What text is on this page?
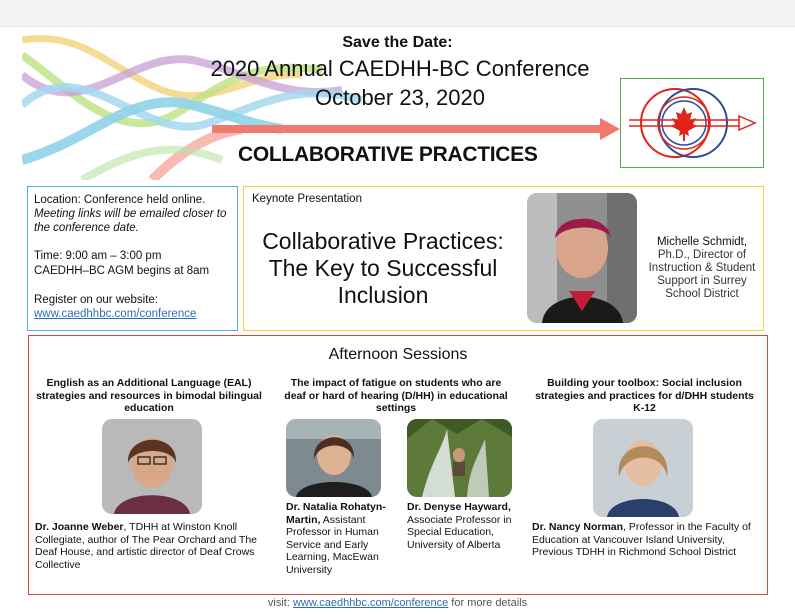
Save the Date:
2020 Annual CAEDHH-BC Conference
October 23, 2020
COLLABORATIVE PRACTICES
Location: Conference held online.
Meeting links will be emailed closer to the conference date.
Time: 9:00 am – 3:00 pm
CAEDHH–BC AGM begins at 8am
Register on our website:
www.caedhhbc.com/conference
Keynote Presentation
Collaborative Practices: The Key to Successful Inclusion
Michelle Schmidt,
Ph.D., Director of Instruction & Student Support in Surrey School District
Afternoon Sessions
English as an Additional Language (EAL) strategies and resources in bimodal bilingual education
Dr. Joanne Weber, TDHH at Winston Knoll Collegiate, author of The Pear Orchard and The Deaf House, and artistic director of Deaf Crows Collective
The impact of fatigue on students who are deaf or hard of hearing (D/HH) in educational settings
Dr. Natalia Rohatyn-Martin, Assistant Professor in Human Service and Early Learning, MacEwan University
Dr. Denyse Hayward, Associate Professor in Special Education, University of Alberta
Building your toolbox: Social inclusion strategies and practices for d/DHH students K-12
Dr. Nancy Norman, Professor in the Faculty of Education at Vancouver Island University, Previous TDHH in Richmond School District
visit: www.caedhhbc.com/conference for more details
